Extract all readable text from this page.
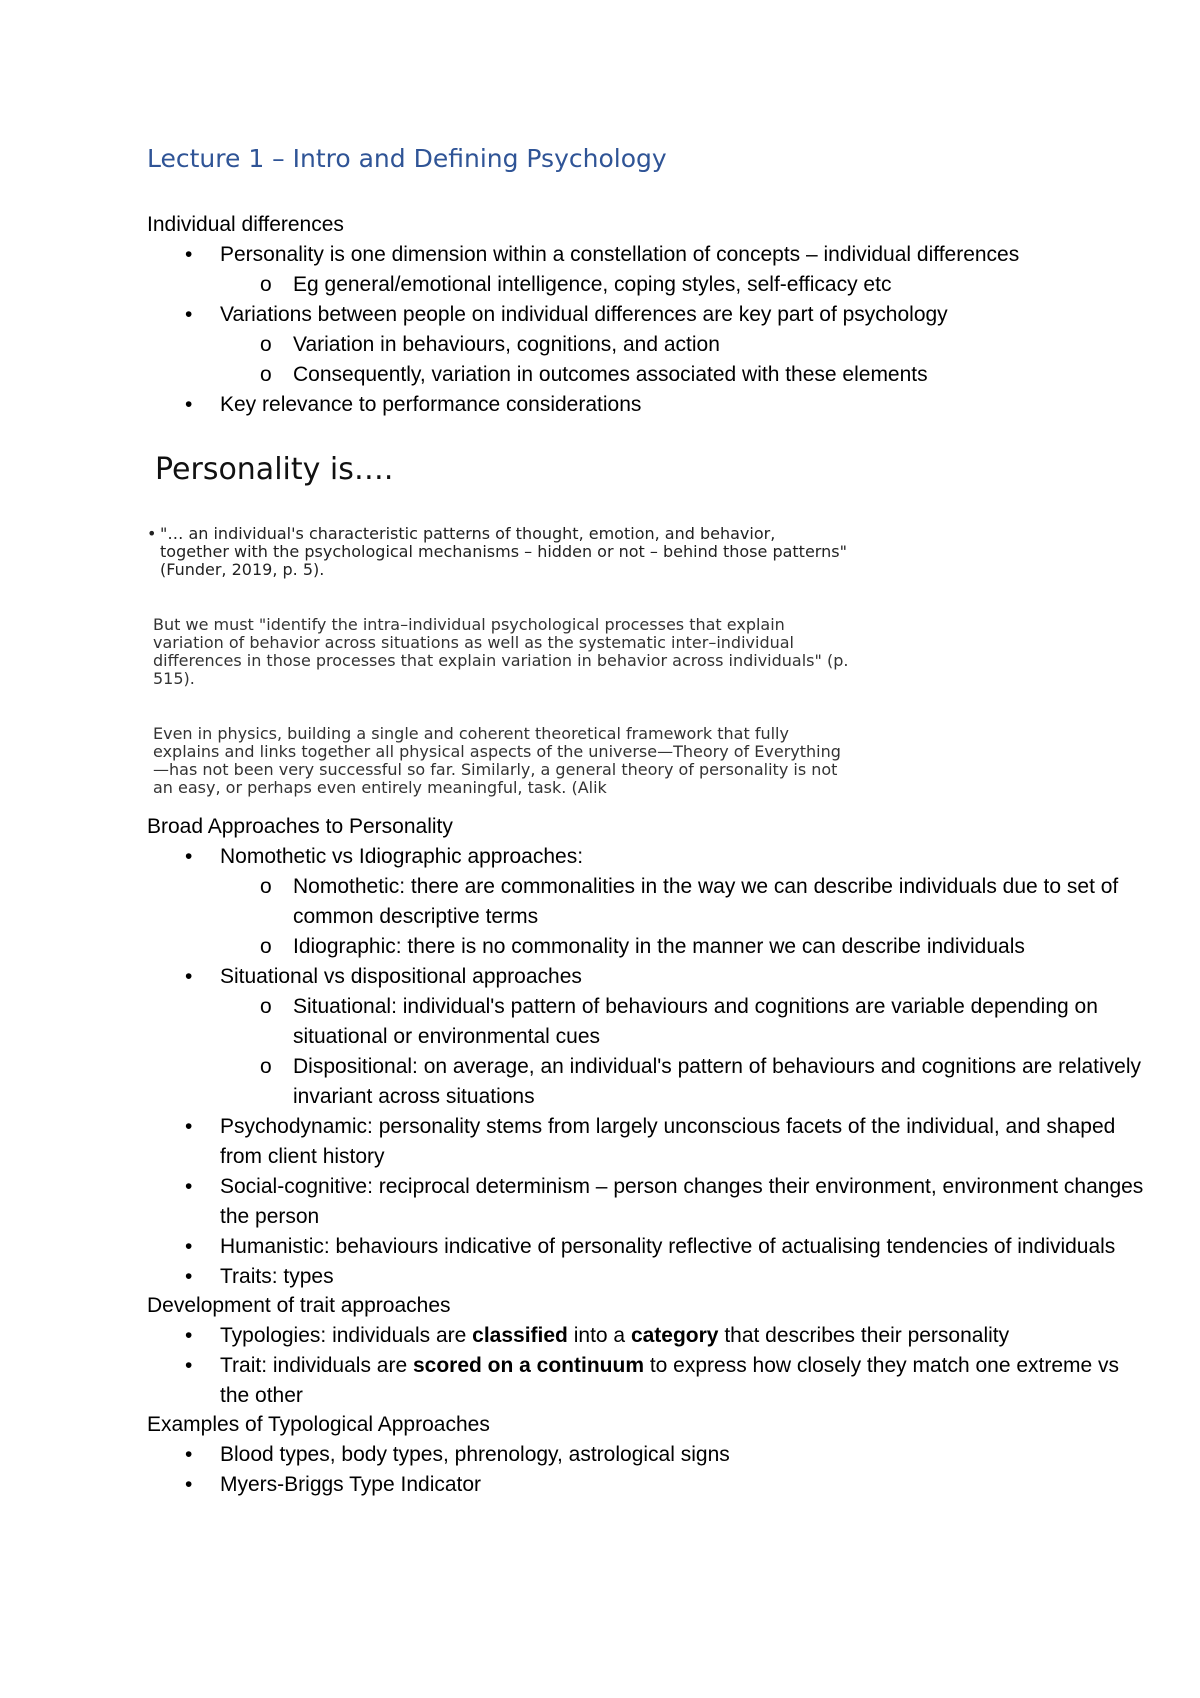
Lecture 1 – Intro and Defining Psychology
Individual differences
• Personality is one dimension within a constellation of concepts – individual differences
o Eg general/emotional intelligence, coping styles, self-efficacy etc
• Variations between people on individual differences are key part of psychology
o Variation in behaviours, cognitions, and action
o Consequently, variation in outcomes associated with these elements
• Key relevance to performance considerations
Personality is….
• "… an individual's characteristic patterns of thought, emotion, and behavior, together with the psychological mechanisms – hidden or not – behind those patterns" (Funder, 2019, p. 5).
But we must "identify the intra–individual psychological processes that explain variation of behavior across situations as well as the systematic inter–individual differences in those processes that explain variation in behavior across individuals" (p. 515).
Even in physics, building a single and coherent theoretical framework that fully explains and links together all physical aspects of the universe—Theory of Everything—has not been very successful so far. Similarly, a general theory of personality is not an easy, or perhaps even entirely meaningful, task. (Alik
Broad Approaches to Personality
• Nomothetic vs Idiographic approaches:
o Nomothetic: there are commonalities in the way we can describe individuals due to set of common descriptive terms
o Idiographic: there is no commonality in the manner we can describe individuals
• Situational vs dispositional approaches
o Situational: individual's pattern of behaviours and cognitions are variable depending on situational or environmental cues
o Dispositional: on average, an individual's pattern of behaviours and cognitions are relatively invariant across situations
• Psychodynamic: personality stems from largely unconscious facets of the individual, and shaped from client history
• Social-cognitive: reciprocal determinism – person changes their environment, environment changes the person
• Humanistic: behaviours indicative of personality reflective of actualising tendencies of individuals
• Traits: types
Development of trait approaches
• Typologies: individuals are classified into a category that describes their personality
• Trait: individuals are scored on a continuum to express how closely they match one extreme vs the other
Examples of Typological Approaches
• Blood types, body types, phrenology, astrological signs
• Myers-Briggs Type Indicator
